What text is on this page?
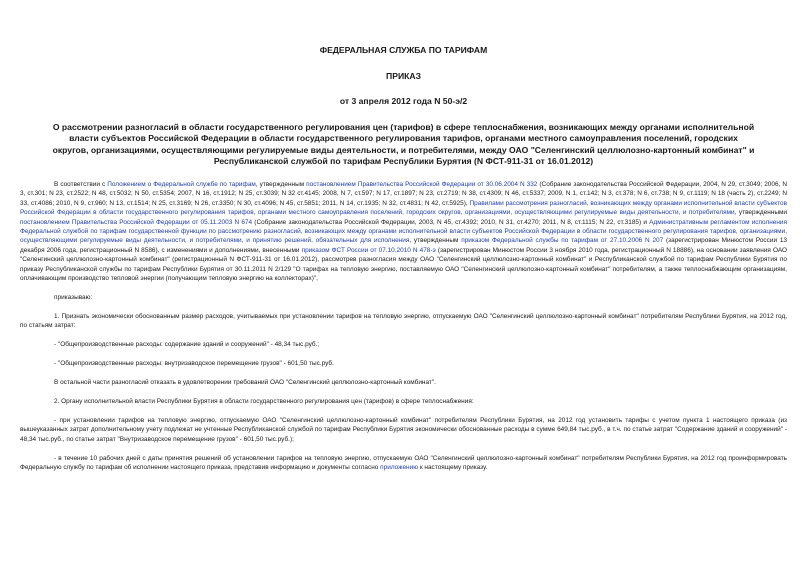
ФЕДЕРАЛЬНАЯ СЛУЖБА ПО ТАРИФАМ

ПРИКАЗ

от 3 апреля 2012 года N 50-э/2

О рассмотрении разногласий в области государственного регулирования цен (тарифов) в сфере теплоснабжения, возникающих между органами исполнительной власти субъектов Российской Федерации в области государственного регулирования тарифов, органами местного самоуправления поселений, городских округов, организациями, осуществляющими регулируемые виды деятельности, и потребителями, между ОАО "Селенгинский целлюлозно-картонный комбинат" и Республиканской службой по тарифам Республики Бурятия (N ФСТ-911-31 от 16.01.2012)

В соответствии с Положением о Федеральной службе по тарифам, утвержденным постановлением Правительства Российской Федерации от 30.06.2004 N 332 (Собрание законодательства Российской Федерации, 2004, N 29, ст.3049; 2006, N 3, ст.301; N 23, ст.2522; N 48, ст.5032; N 50, ст.5354; 2007, N 16, ст.1912; N 25, ст.3039; N 32 ст.4145; 2008, N 7, ст.597; N 17, ст.1897; N 23, ст.2719; N 38, ст.4309; N 46, ст.5337; 2009, N 1, ст.142; N 3, ст.378; N 6, ст.738; N 9, ст.1119; N 18 (часть 2), ст.2249; N 33, ст.4086; 2010, N 9, ст.960; N 13, ст.1514; N 25, ст.3169; N 26, ст.3350; N 30, ст.4096; N 45, ст.5851; 2011, N 14, ст.1935; N 32, ст.4831; N 42, ст.5925), Правилами рассмотрения разногласий, возникающих между органами исполнительной власти субъектов Российской Федерации в области государственного регулирования тарифов, органами местного самоуправления поселений, городских округов, организациями, осуществляющими регулируемые виды деятельности, и потребителями, утвержденными постановлением Правительства Российской Федерации от 05.11.2003 N 674 (Собрание законодательства Российской Федерации, 2003, N 45, ст.4392; 2010, N 31, ст.4270; 2011, N 8, ст.1115; N 22, ст.3185) и Административным регламентом исполнения Федеральной службой по тарифам государственной функции по рассмотрению разногласий, возникающих между органами исполнительной власти субъектов Российской Федерации в области государственного регулирования тарифов, организациями, осуществляющими регулируемые виды деятельности, и потребителями, и принятию решений, обязательных для исполнения, утвержденным приказом Федеральной службы по тарифам от 27.10.2006 N 207 (зарегистрирован Минюстом России 13 декабря 2006 года, регистрационный N 8586), с изменениями и дополнениями, внесенными приказом ФСТ России от 07.10.2010 N 478-э (зарегистрирован Минюстом России 3 ноября 2010 года, регистрационный N 18886), на основании заявления ОАО "Селенгинский целлюлозно-картонный комбинат" (регистрационный N ФСТ-911-31 от 16.01.2012), рассмотрев разногласия между ОАО "Селенгинский целлюлозно-картонный комбинат" и Республиканской службой по тарифам Республики Бурятия по приказу Республиканской службы по тарифам Республики Бурятия от 30.11.2011 N 2/129 "О тарифах на тепловую энергию, поставляемую ОАО "Селенгинский целлюлозно-картонный комбинат" потребителям, а также теплоснабжающим организациям, оплачивающим производство тепловой энергии (получающим тепловую энергию на коллекторах)",

приказываю:

1. Признать экономически обоснованным размер расходов, учитываемых при установлении тарифов на тепловую энергию, отпускаемую ОАО "Селенгинский целлюлозно-картонный комбинат" потребителям Республики Бурятия, на 2012 год, по статьям затрат:

- "Общепроизводственные расходы: содержание зданий и сооружений" - 48,34 тыс.руб.;

- "Общепроизводственные расходы: внутризаводское перемещение грузов" - 601,50 тыс.руб.

В остальной части разногласий отказать в удовлетворении требований ОАО "Селенгинский целлюлозно-картонный комбинат".

2. Органу исполнительной власти Республики Бурятия в области государственного регулирования цен (тарифов) в сфере теплоснабжения:

- при установлении тарифов на тепловую энергию, отпускаемую ОАО "Селенгинский целлюлозно-картонный комбинат" потребителям Республики Бурятия, на 2012 год установить тарифы с учетом пункта 1 настоящего приказа (из вышеуказанных затрат дополнительному учету подлежат не учтенные Республиканской службой по тарифам Республики Бурятия экономически обоснованные расходы в сумме 649,84 тыс.руб., в т.ч. по статье затрат "Содержание зданий и сооружений" - 48,34 тыс.руб., по статье затрат "Внутризаводское перемещение грузов" - 601,50 тыс.руб.);

- в течение 10 рабочих дней с даты принятия решений об установлении тарифов на тепловую энергию, отпускаемую ОАО "Селенгинский целлюлозно-картонный комбинат" потребителям Республики Бурятия, на 2012 год проинформировать Федеральную службу по тарифам об исполнении настоящего приказа, представив информацию и документы согласно приложению к настоящему приказу.
